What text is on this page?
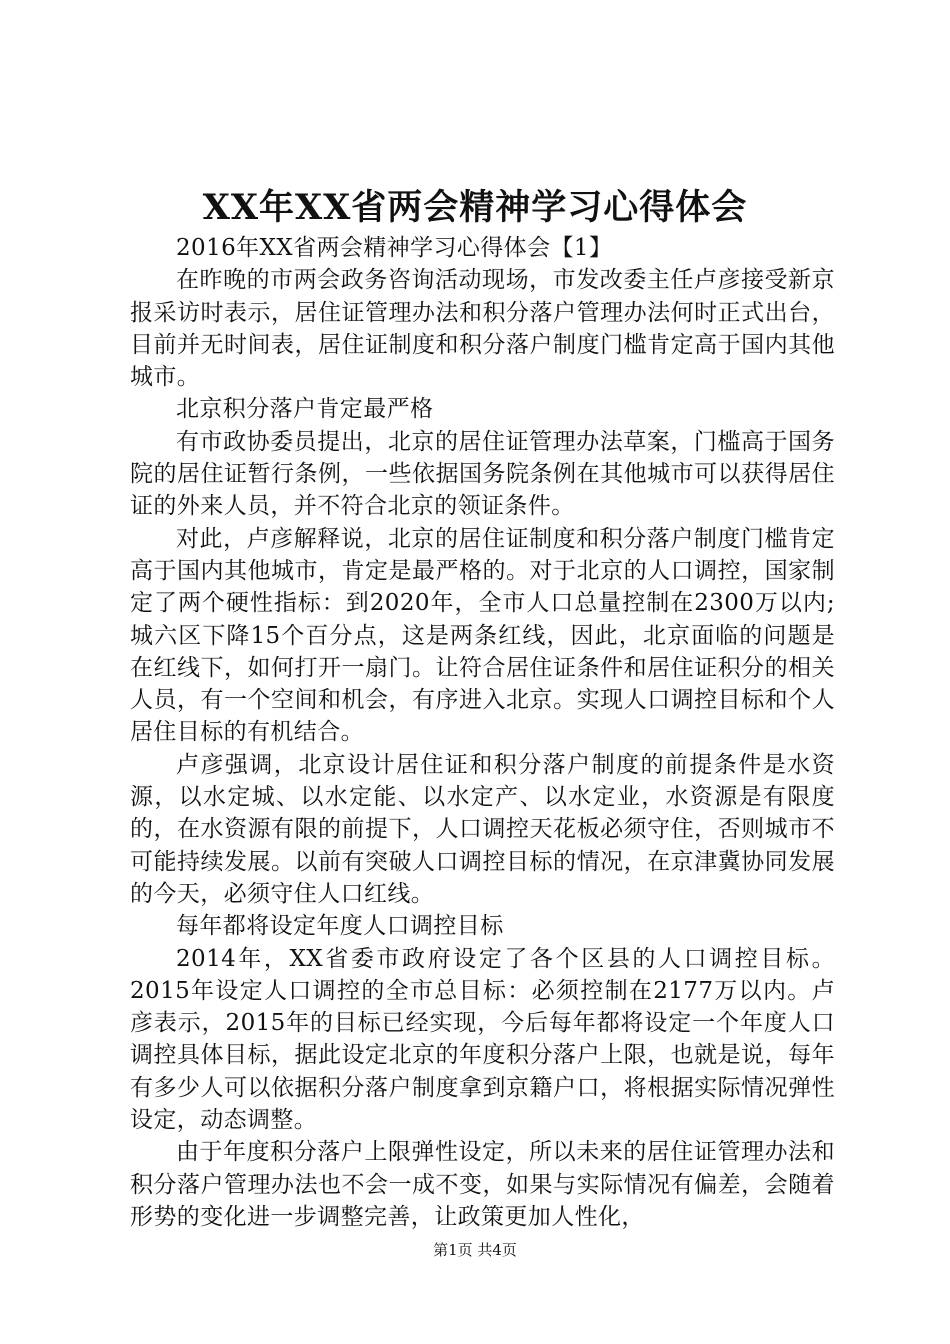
XX年XX省两会精神学习心得体会

2016年XX省两会精神学习心得体会【1】

在昨晚的市两会政务咨询活动现场，市发改委主任卢彦接受新京报采访时表示，居住证管理办法和积分落户管理办法何时正式出台，目前并无时间表，居住证制度和积分落户制度门槛肯定高于国内其他城市。

北京积分落户肯定最严格

有市政协委员提出，北京的居住证管理办法草案，门槛高于国务院的居住证暂行条例，一些依据国务院条例在其他城市可以获得居住证的外来人员，并不符合北京的领证条件。

对此，卢彦解释说，北京的居住证制度和积分落户制度门槛肯定高于国内其他城市，肯定是最严格的。对于北京的人口调控，国家制定了两个硬性指标：到2020年，全市人口总量控制在2300万以内;城六区下降15个百分点，这是两条红线，因此，北京面临的问题是在红线下，如何打开一扇门。让符合居住证条件和居住证积分的相关人员，有一个空间和机会，有序进入北京。实现人口调控目标和个人居住目标的有机结合。

卢彦强调，北京设计居住证和积分落户制度的前提条件是水资源，以水定城、以水定能、以水定产、以水定业，水资源是有限度的，在水资源有限的前提下，人口调控天花板必须守住，否则城市不可能持续发展。以前有突破人口调控目标的情况，在京津冀协同发展的今天，必须守住人口红线。

每年都将设定年度人口调控目标

2014年，XX省委市政府设定了各个区县的人口调控目标。2015年设定人口调控的全市总目标：必须控制在2177万以内。卢彦表示，2015年的目标已经实现，今后每年都将设定一个年度人口调控具体目标，据此设定北京的年度积分落户上限，也就是说，每年有多少人可以依据积分落户制度拿到京籍户口，将根据实际情况弹性设定，动态调整。

由于年度积分落户上限弹性设定，所以未来的居住证管理办法和积分落户管理办法也不会一成不变，如果与实际情况有偏差，会随着形势的变化进一步调整完善，让政策更加人性化，

第1页 共4页
